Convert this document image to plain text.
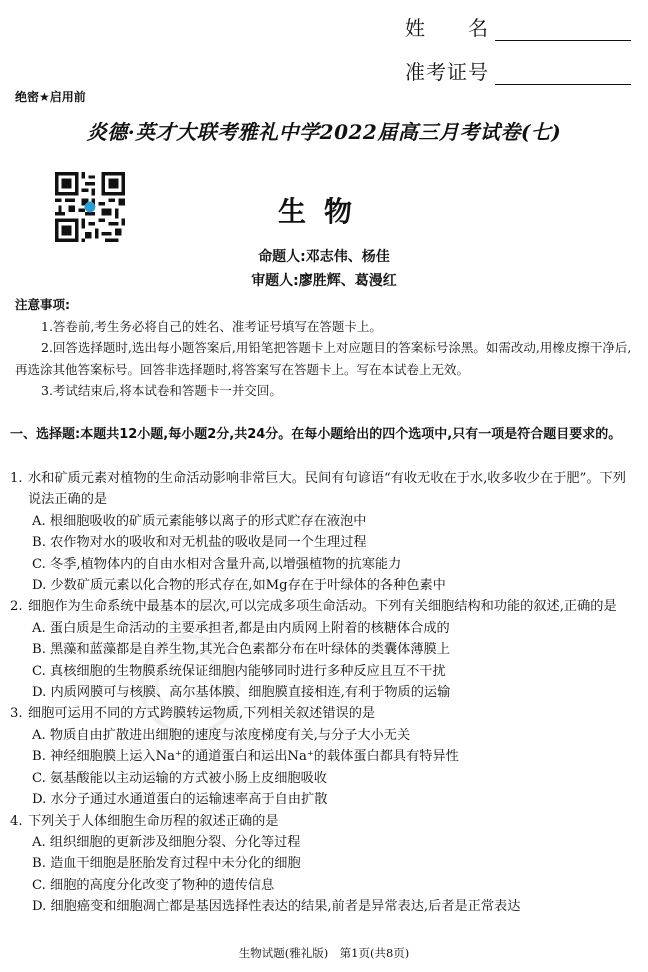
姓　　名
准考证号
绝密★启用前
炎德·英才大联考雅礼中学2022届高三月考试卷(七)
生物
命题人:邓志伟、杨佳
审题人:廖胜辉、葛漫红
注意事项:
1.答卷前,考生务必将自己的姓名、准考证号填写在答题卡上。
2.回答选择题时,选出每小题答案后,用铅笔把答题卡上对应题目的答案标号涂黑。如需改动,用橡皮擦干净后,再选涂其他答案标号。回答非选择题时,将答案写在答题卡上。写在本试卷上无效。
3.考试结束后,将本试卷和答题卡一并交回。
一、选择题:本题共12小题,每小题2分,共24分。在每小题给出的四个选项中,只有一项是符合题目要求的。
1. 水和矿质元素对植物的生命活动影响非常巨大。民间有句谚语“有收无收在于水,收多收少在于肥”。下列说法正确的是
A. 根细胞吸收的矿质元素能够以离子的形式贮存在液泡中
B. 农作物对水的吸收和对无机盐的吸收是同一个生理过程
C. 冬季,植物体内的自由水相对含量升高,以增强植物的抗寒能力
D. 少数矿质元素以化合物的形式存在,如Mg存在于叶绿体的各种色素中
2. 细胞作为生命系统中最基本的层次,可以完成多项生命活动。下列有关细胞结构和功能的叙述,正确的是
A. 蛋白质是生命活动的主要承担者,都是由内质网上附着的核糖体合成的
B. 黑藻和蓝藻都是自养生物,其光合色素都分布在叶绿体的类囊体薄膜上
C. 真核细胞的生物膜系统保证细胞内能够同时进行多种反应且互不干扰
D. 内质网膜可与核膜、高尔基体膜、细胞膜直接相连,有利于物质的运输
3. 细胞可运用不同的方式跨膜转运物质,下列相关叙述错误的是
A. 物质自由扩散进出细胞的速度与浓度梯度有关,与分子大小无关
B. 神经细胞膜上运入Na⁺的通道蛋白和运出Na⁺的载体蛋白都具有特异性
C. 氨基酸能以主动运输的方式被小肠上皮细胞吸收
D. 水分子通过水通道蛋白的运输速率高于自由扩散
4. 下列关于人体细胞生命历程的叙述正确的是
A. 组织细胞的更新涉及细胞分裂、分化等过程
B. 造血干细胞是胚胎发育过程中未分化的细胞
C. 细胞的高度分化改变了物种的遗传信息
D. 细胞癌变和细胞凋亡都是基因选择性表达的结果,前者是异常表达,后者是正常表达
生物试题(雅礼版)　第1页(共8页)
